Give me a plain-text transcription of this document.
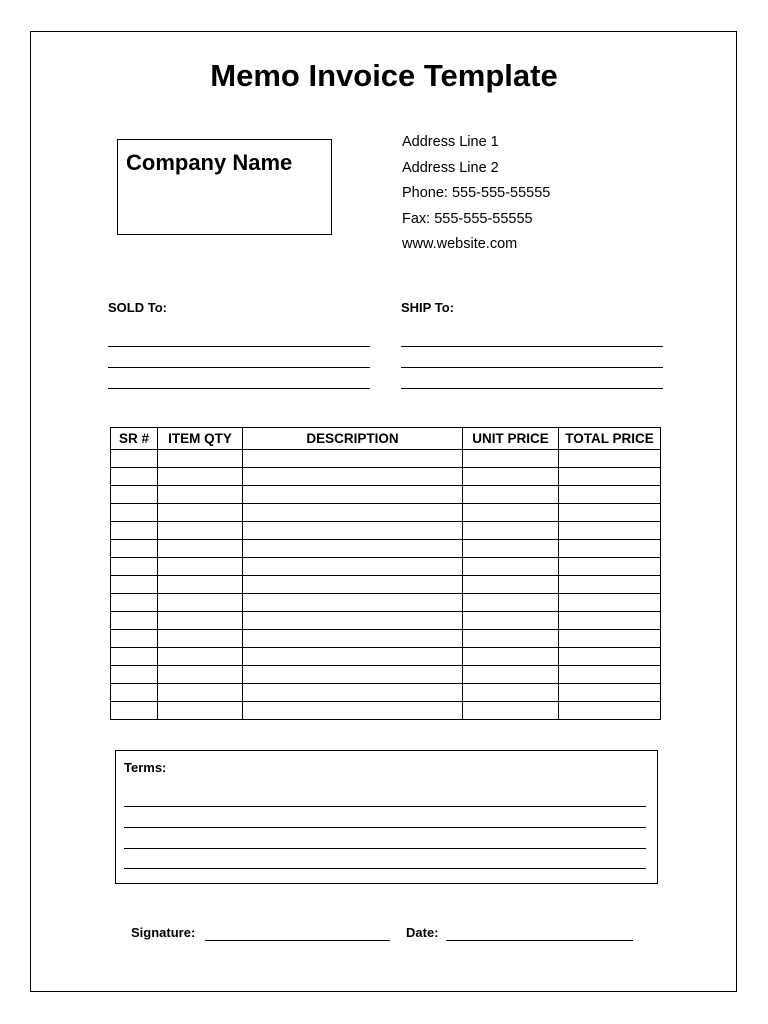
Memo Invoice Template
Company Name
Address Line 1
Address Line 2
Phone: 555-555-55555
Fax: 555-555-55555
www.website.com
SOLD To:	SHIP To:
SR #	ITEM QTY	DESCRIPTION	UNIT PRICE	TOTAL PRICE

Terms:
Signature:	Date:
